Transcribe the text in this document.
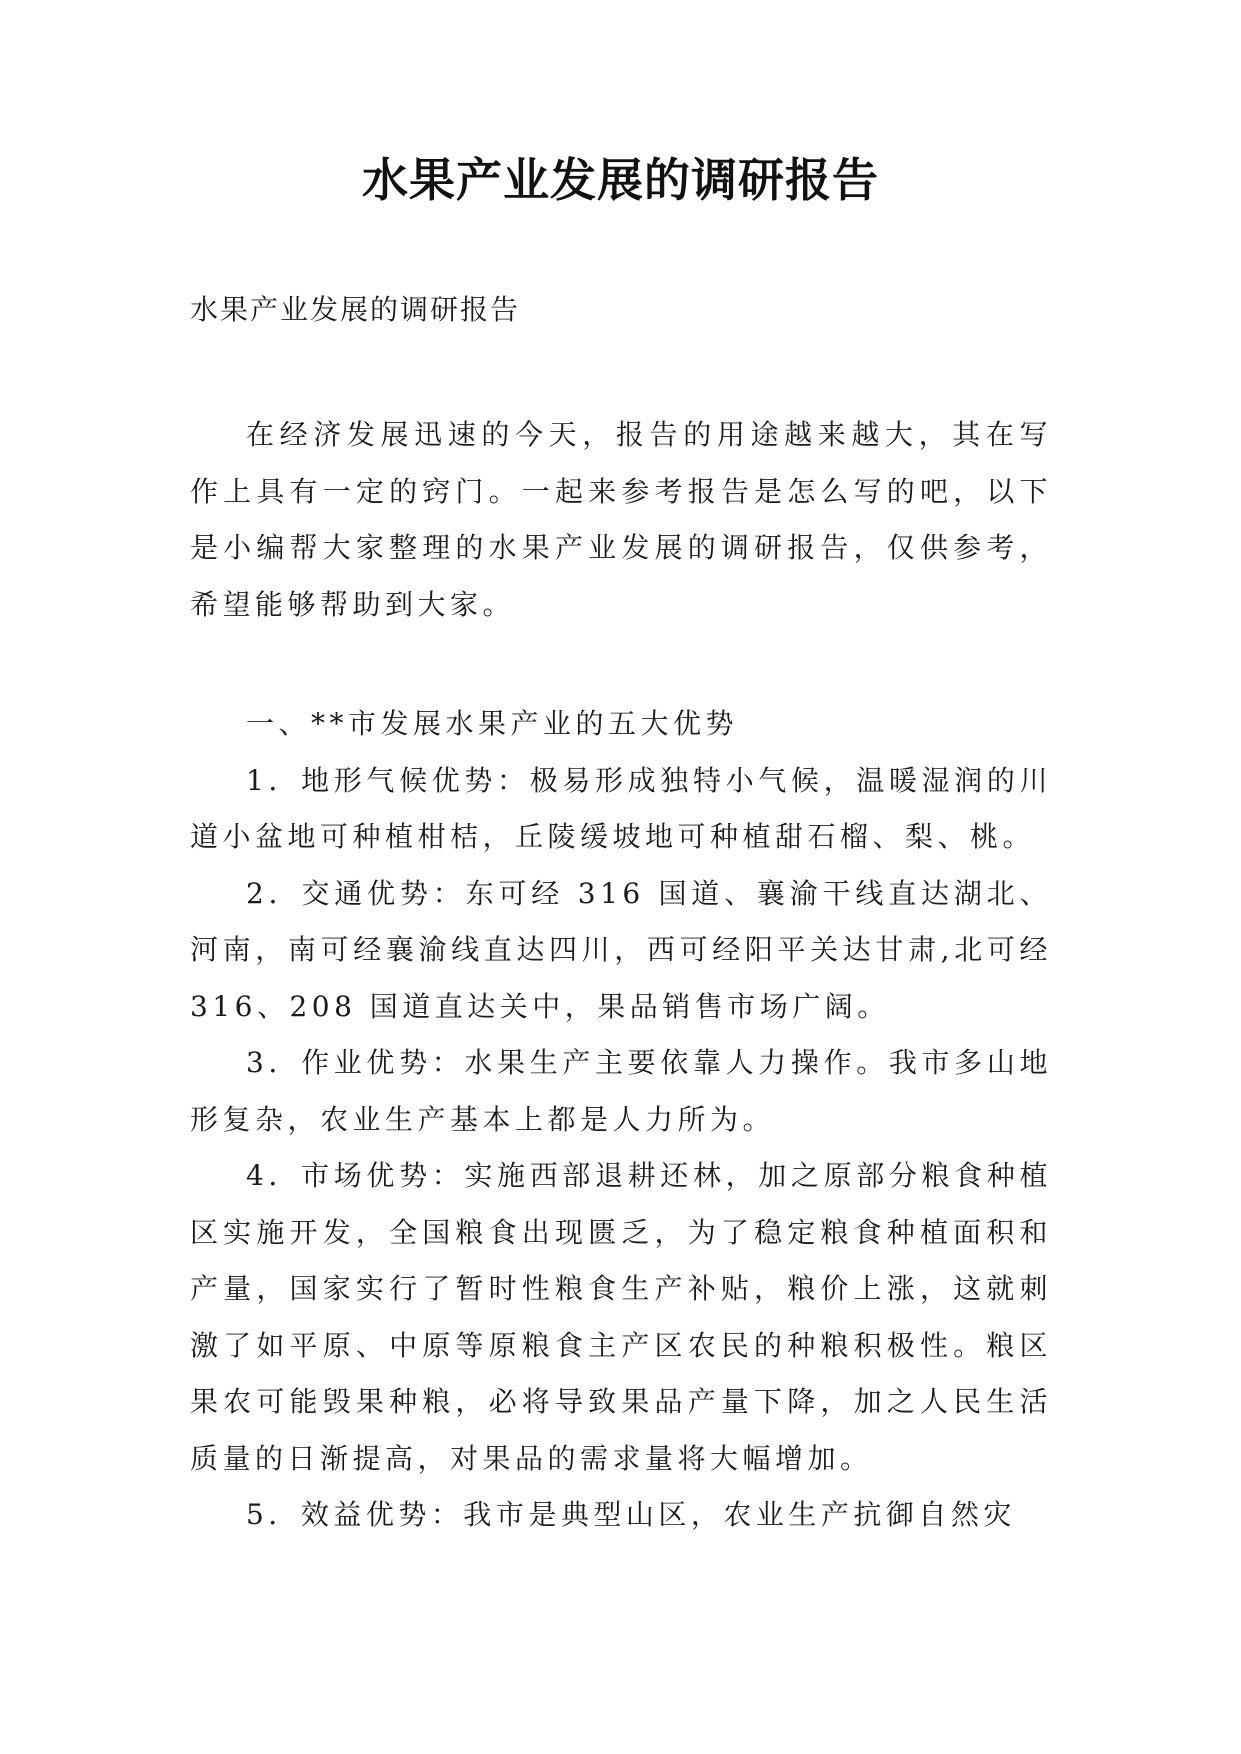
水果产业发展的调研报告
水果产业发展的调研报告

在经济发展迅速的今天，报告的用途越来越大，其在写作上具有一定的窍门。一起来参考报告是怎么写的吧，以下是小编帮大家整理的水果产业发展的调研报告，仅供参考，希望能够帮助到大家。

一、**市发展水果产业的五大优势

1．地形气候优势：极易形成独特小气候，温暖湿润的川道小盆地可种植柑桔，丘陵缓坡地可种植甜石榴、梨、桃。

2．交通优势：东可经 316 国道、襄渝干线直达湖北、河南，南可经襄渝线直达四川，西可经阳平关达甘肃,北可经 316、208 国道直达关中，果品销售市场广阔。

3．作业优势：水果生产主要依靠人力操作。我市多山地形复杂，农业生产基本上都是人力所为。

4．市场优势：实施西部退耕还林，加之原部分粮食种植区实施开发，全国粮食出现匮乏，为了稳定粮食种植面积和产量，国家实行了暂时性粮食生产补贴，粮价上涨，这就刺激了如平原、中原等原粮食主产区农民的种粮积极性。粮区果农可能毁果种粮，必将导致果品产量下降，加之人民生活质量的日渐提高，对果品的需求量将大幅增加。

5．效益优势：我市是典型山区，农业生产抗御自然灾
